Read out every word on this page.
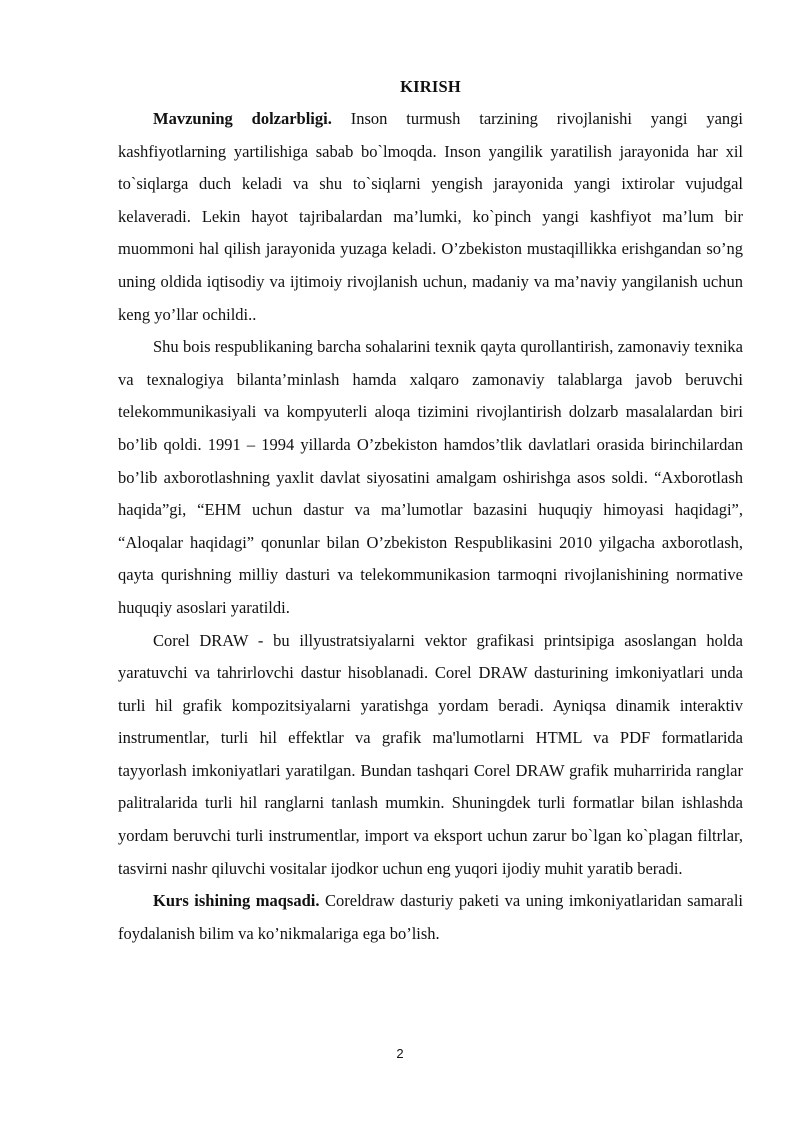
KIRISH

Mavzuning dolzarbligi. Inson turmush tarzining rivojlanishi yangi yangi kashfiyotlarning yartilishiga sabab bo`lmoqda. Inson yangilik yaratilish jarayonida har xil to`siqlarga duch keladi va shu to`siqlarni yengish jarayonida yangi ixtirolar vujudgal kelaveradi. Lekin hayot tajribalardan ma’lumki, ko`pinch yangi kashfiyot ma’lum bir muommoni hal qilish jarayonida yuzaga keladi. O’zbekiston mustaqillikka erishgandan so’ng uning oldida iqtisodiy va ijtimoiy rivojlanish uchun, madaniy va ma’naviy yangilanish uchun keng yo’llar ochildi..

Shu bois respublikaning barcha sohalarini texnik qayta qurollantirish, zamonaviy texnika va texnalogiya bilanta’minlash hamda xalqaro zamonaviy talablarga javob beruvchi telekommunikasiyali va kompyuterli aloqa tizimini rivojlantirish dolzarb masalalardan biri bo’lib qoldi. 1991 – 1994 yillarda O’zbekiston hamdos’tlik davlatlari orasida birinchilardan bo’lib axborotlashning yaxlit davlat siyosatini amalgam oshirishga asos soldi. “Axborotlash haqida”gi, “EHM uchun dastur va ma’lumotlar bazasini huquqiy himoyasi haqidagi”, “Aloqalar haqidagi” qonunlar bilan O’zbekiston Respublikasini 2010 yilgacha axborotlash, qayta qurishning milliy dasturi va telekommunikasion tarmoqni rivojlanishining normative huquqiy asoslari yaratildi.

Corel DRAW - bu illyustratsiyalarni vektor grafikasi printsipiga asoslangan holda yaratuvchi va tahrirlovchi dastur hisoblanadi. Corel DRAW dasturining imkoniyatlari unda turli hil grafik kompozitsiyalarni yaratishga yordam beradi. Ayniqsa dinamik interaktiv instrumentlar, turli hil effektlar va grafik ma'lumotlarni HTML va PDF formatlarida tayyorlash imkoniyatlari yaratilgan. Bundan tashqari Corel DRAW grafik muharririda ranglar palitralarida turli hil ranglarni tanlash mumkin. Shuningdek turli formatlar bilan ishlashda yordam beruvchi turli instrumentlar, import va eksport uchun zarur bo`lgan ko`plagan filtrlar, tasvirni nashr qiluvchi vositalar ijodkor uchun eng yuqori ijodiy muhit yaratib beradi.

Kurs ishining maqsadi. Coreldraw dasturiy paketi va uning imkoniyatlaridan samarali foydalanish bilim va ko’nikmalariga ega bo’lish.

2
